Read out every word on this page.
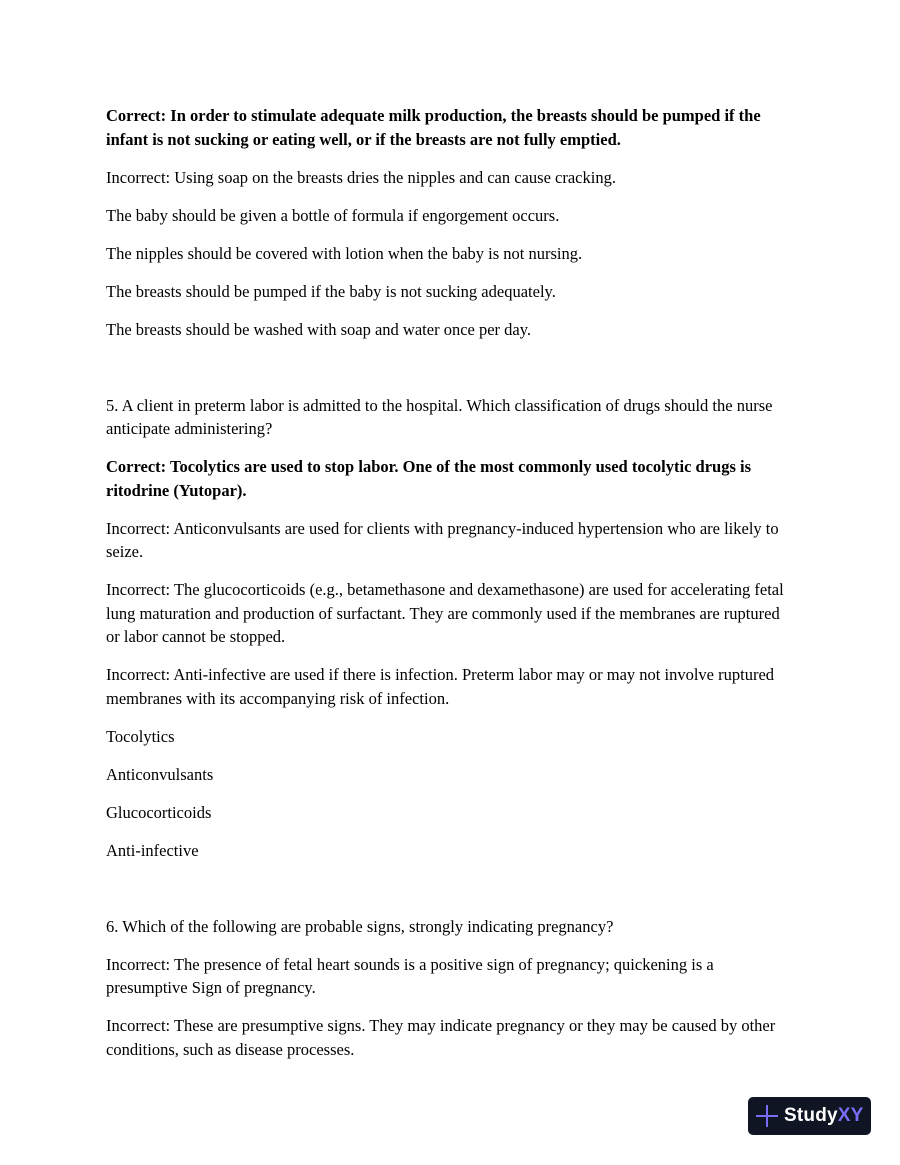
Correct: In order to stimulate adequate milk production, the breasts should be pumped if the infant is not sucking or eating well, or if the breasts are not fully emptied.

Incorrect: Using soap on the breasts dries the nipples and can cause cracking.

The baby should be given a bottle of formula if engorgement occurs.

The nipples should be covered with lotion when the baby is not nursing.

The breasts should be pumped if the baby is not sucking adequately.

The breasts should be washed with soap and water once per day.

5. A client in preterm labor is admitted to the hospital. Which classification of drugs should the nurse anticipate administering?

Correct: Tocolytics are used to stop labor. One of the most commonly used tocolytic drugs is ritodrine (Yutopar).

Incorrect: Anticonvulsants are used for clients with pregnancy-induced hypertension who are likely to seize.

Incorrect: The glucocorticoids (e.g., betamethasone and dexamethasone) are used for accelerating fetal lung maturation and production of surfactant. They are commonly used if the membranes are ruptured or labor cannot be stopped.

Incorrect: Anti-infective are used if there is infection. Preterm labor may or may not involve ruptured membranes with its accompanying risk of infection.

Tocolytics

Anticonvulsants

Glucocorticoids

Anti-infective

6. Which of the following are probable signs, strongly indicating pregnancy?

Incorrect: The presence of fetal heart sounds is a positive sign of pregnancy; quickening is a presumptive Sign of pregnancy.

Incorrect: These are presumptive signs. They may indicate pregnancy or they may be caused by other conditions, such as disease processes.

StudyXY
